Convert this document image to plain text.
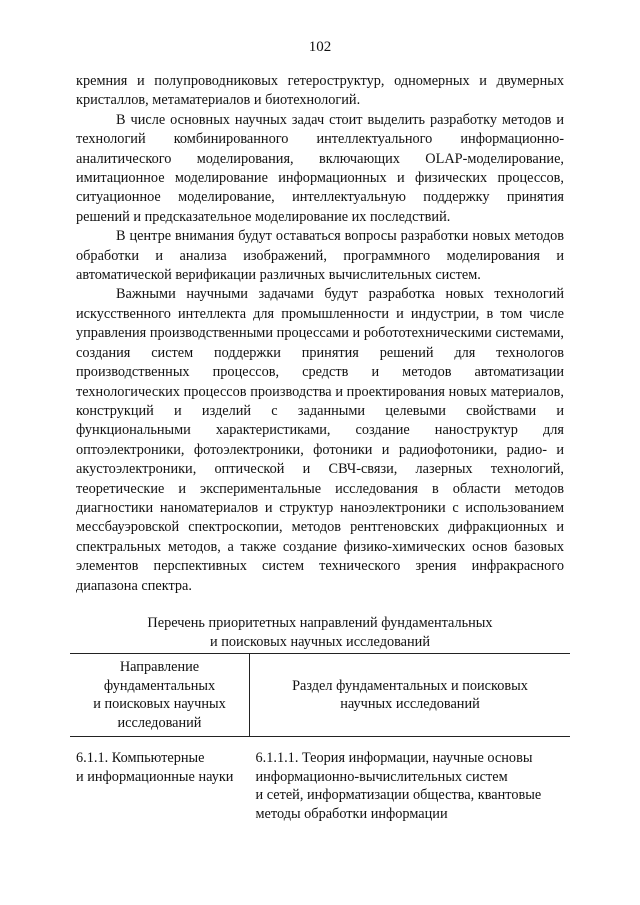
102

кремния и полупроводниковых гетероструктур, одномерных и двумерных кристаллов, метаматериалов и биотехнологий.

В числе основных научных задач стоит выделить разработку методов и технологий комбинированного интеллектуального информационно-аналитического моделирования, включающих OLAP-моделирование, имитационное моделирование информационных и физических процессов, ситуационное моделирование, интеллектуальную поддержку принятия решений и предсказательное моделирование их последствий.

В центре внимания будут оставаться вопросы разработки новых методов обработки и анализа изображений, программного моделирования и автоматической верификации различных вычислительных систем.

Важными научными задачами будут разработка новых технологий искусственного интеллекта для промышленности и индустрии, в том числе управления производственными процессами и робототехническими системами, создания систем поддержки принятия решений для технологов производственных процессов, средств и методов автоматизации технологических процессов производства и проектирования новых материалов, конструкций и изделий с заданными целевыми свойствами и функциональными характеристиками, создание наноструктур для оптоэлектроники, фотоэлектроники, фотоники и радиофотоники, радио- и акустоэлектроники, оптической и СВЧ-связи, лазерных технологий, теоретические и экспериментальные исследования в области методов диагностики наноматериалов и структур наноэлектроники с использованием мессбауэровской спектроскопии, методов рентгеновских дифракционных и спектральных методов, а также создание физико-химических основ базовых элементов перспективных систем технического зрения инфракрасного диапазона спектра.

Перечень приоритетных направлений фундаментальных
и поисковых научных исследований
Направление
фундаментальных
и поисковых научных
исследований	Раздел фундаментальных и поисковых
научных исследований

6.1.1. Компьютерные
и информационные науки	6.1.1.1. Теория информации, научные основы
информационно-вычислительных систем
и сетей, информатизации общества, квантовые
методы обработки информации
